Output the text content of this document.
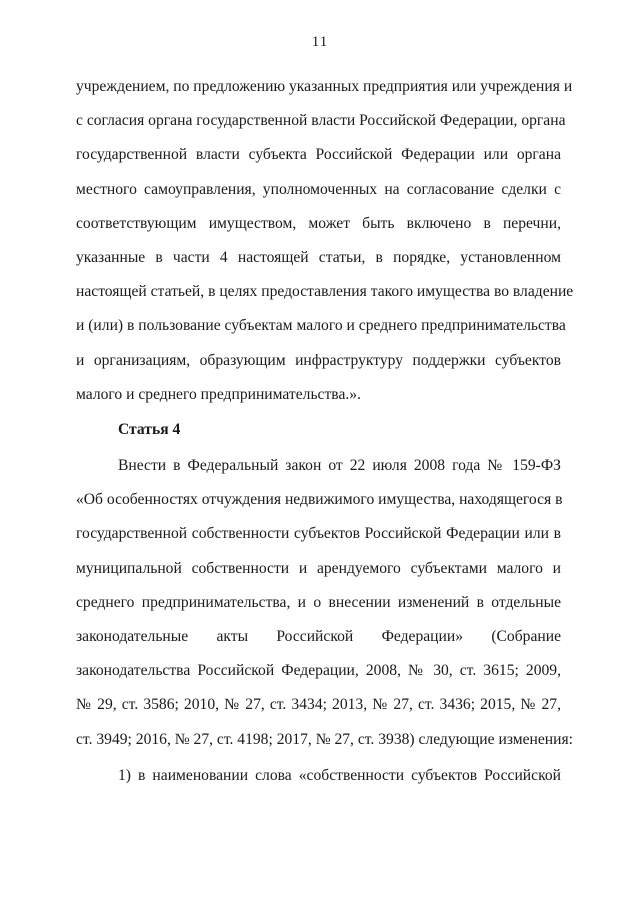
11
учреждением, по предложению указанных предприятия или учреждения и
с согласия органа государственной власти Российской Федерации, органа
государственной власти субъекта Российской Федерации или органа
местного самоуправления, уполномоченных на согласование сделки с
соответствующим имуществом, может быть включено в перечни,
указанные в части 4 настоящей статьи, в порядке, установленном
настоящей статьей, в целях предоставления такого имущества во владение
и (или) в пользование субъектам малого и среднего предпринимательства
и организациям, образующим инфраструктуру поддержки субъектов
малого и среднего предпринимательства.».
Статья 4
Внести в Федеральный закон от 22 июля 2008 года № 159-ФЗ
«Об особенностях отчуждения недвижимого имущества, находящегося в
государственной собственности субъектов Российской Федерации или в
муниципальной собственности и арендуемого субъектами малого и
среднего предпринимательства, и о внесении изменений в отдельные
законодательные акты Российской Федерации» (Собрание
законодательства Российской Федерации, 2008, № 30, ст. 3615; 2009,
№ 29, ст. 3586; 2010, № 27, ст. 3434; 2013, № 27, ст. 3436; 2015, № 27,
ст. 3949; 2016, № 27, ст. 4198; 2017, № 27, ст. 3938) следующие изменения:
1) в наименовании слова «собственности субъектов Российской
